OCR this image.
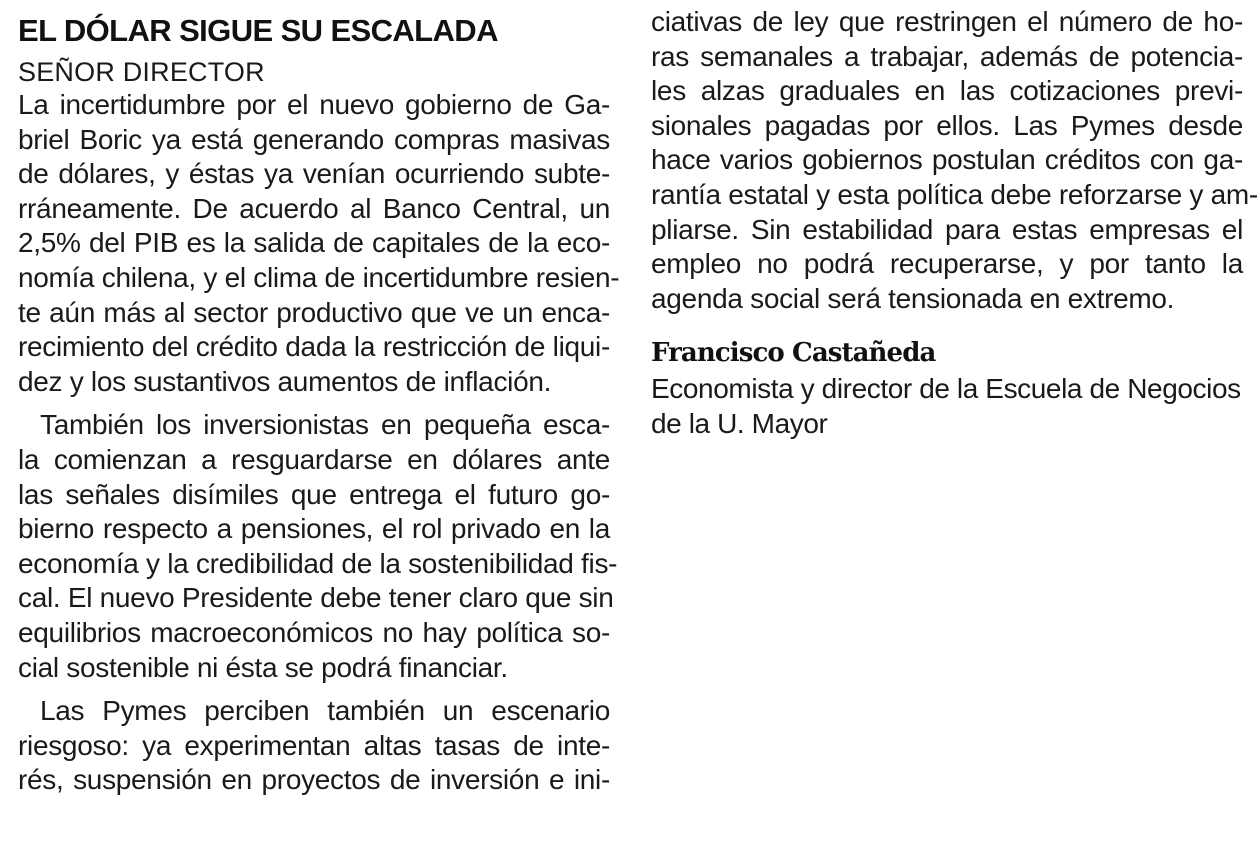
EL DÓLAR SIGUE SU ESCALADA
SEÑOR DIRECTOR
La incertidumbre por el nuevo gobierno de Ga-
briel Boric ya está generando compras masivas
de dólares, y éstas ya venían ocurriendo subte-
rráneamente. De acuerdo al Banco Central, un
2,5% del PIB es la salida de capitales de la eco-
nomía chilena, y el clima de incertidumbre resien-
te aún más al sector productivo que ve un enca-
recimiento del crédito dada la restricción de liqui-
dez y los sustantivos aumentos de inflación.
También los inversionistas en pequeña esca-
la comienzan a resguardarse en dólares ante
las señales disímiles que entrega el futuro go-
bierno respecto a pensiones, el rol privado en la
economía y la credibilidad de la sostenibilidad fis-
cal. El nuevo Presidente debe tener claro que sin
equilibrios macroeconómicos no hay política so-
cial sostenible ni ésta se podrá financiar.
Las Pymes perciben también un escenario
riesgoso: ya experimentan altas tasas de inte-
rés, suspensión en proyectos de inversión e ini-
ciativas de ley que restringen el número de ho-
ras semanales a trabajar, además de potencia-
les alzas graduales en las cotizaciones previ-
sionales pagadas por ellos. Las Pymes desde
hace varios gobiernos postulan créditos con ga-
rantía estatal y esta política debe reforzarse y am-
pliarse. Sin estabilidad para estas empresas el
empleo no podrá recuperarse, y por tanto la
agenda social será tensionada en extremo.
Francisco Castañeda
Economista y director de la Escuela de Negocios
de la U. Mayor
